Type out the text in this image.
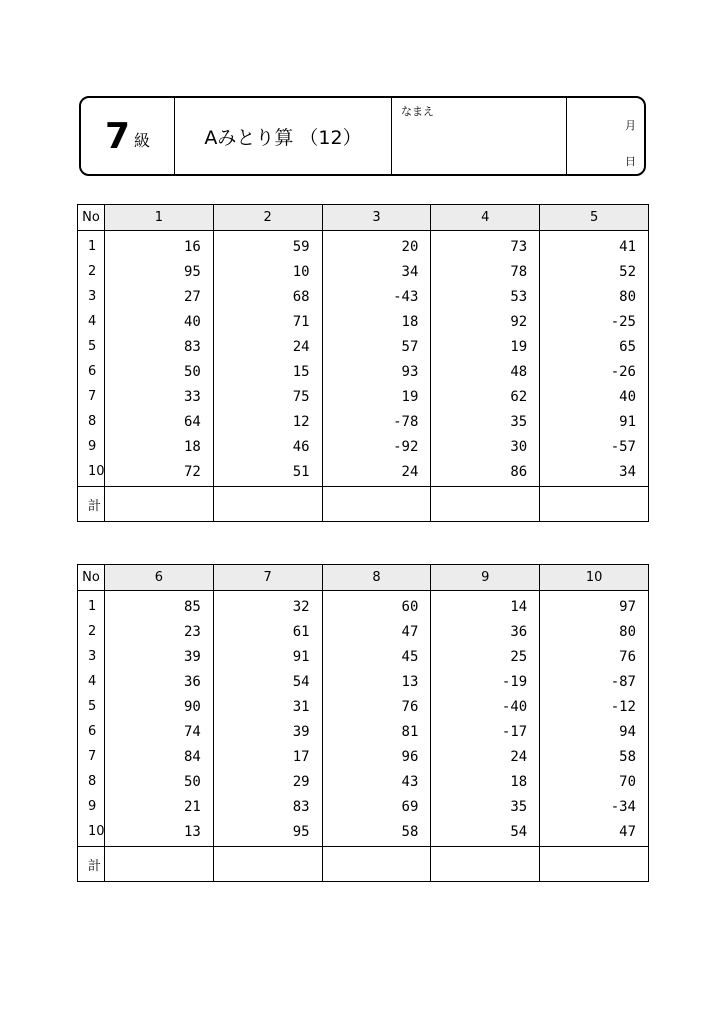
7 級	Aみとり算 （12）
なまえ
月
日
No	1	2	3	4	5
1	16	59	20	73	41
2	95	10	34	78	52
3	27	68	-43	53	80
4	40	71	18	92	-25
5	83	24	57	19	65
6	50	15	93	48	-26
7	33	75	19	62	40
8	64	12	-78	35	91
9	18	46	-92	30	-57
10	72	51	24	86	34
計					
No	6	7	8	9	10
1	85	32	60	14	97
2	23	61	47	36	80
3	39	91	45	25	76
4	36	54	13	-19	-87
5	90	31	76	-40	-12
6	74	39	81	-17	94
7	84	17	96	24	58
8	50	29	43	18	70
9	21	83	69	35	-34
10	13	95	58	54	47
計					
